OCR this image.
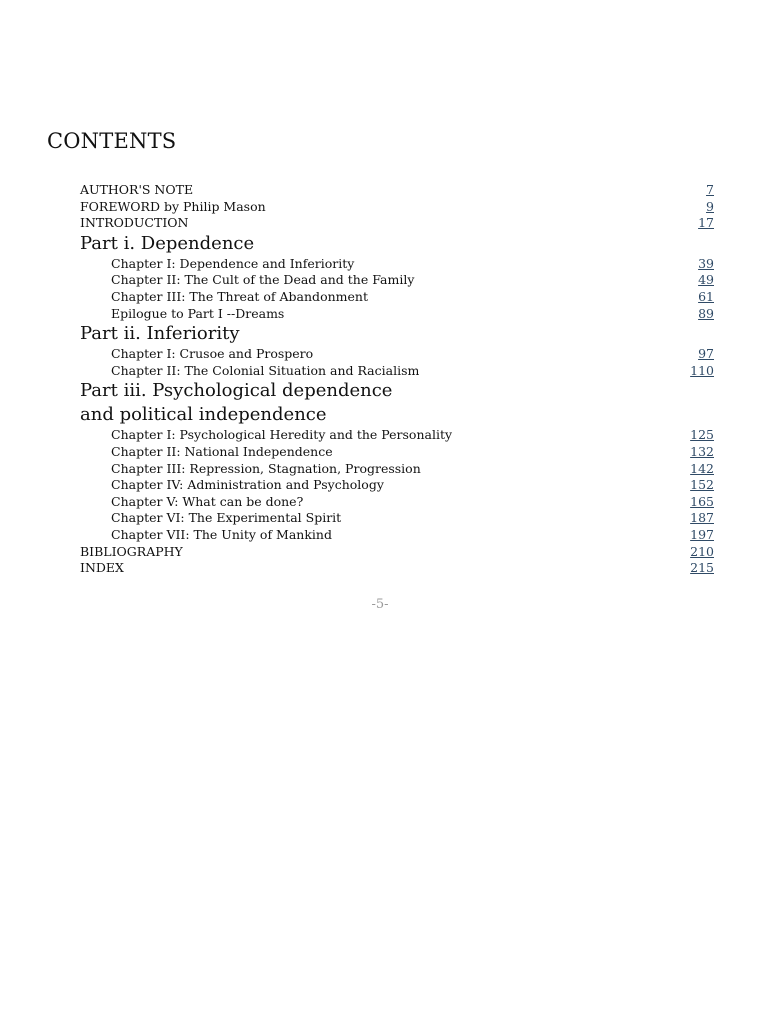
CONTENTS
AUTHOR'S NOTE	7
FOREWORD by Philip Mason	9
INTRODUCTION	17
Part i. Dependence
Chapter I: Dependence and Inferiority	39
Chapter II: The Cult of the Dead and the Family	49
Chapter III: The Threat of Abandonment	61
Epilogue to Part I --Dreams	89
Part ii. Inferiority
Chapter I: Crusoe and Prospero	97
Chapter II: The Colonial Situation and Racialism	110
Part iii. Psychological dependence
and political independence
Chapter I: Psychological Heredity and the Personality	125
Chapter II: National Independence	132
Chapter III: Repression, Stagnation, Progression	142
Chapter IV: Administration and Psychology	152
Chapter V: What can be done?	165
Chapter VI: The Experimental Spirit	187
Chapter VII: The Unity of Mankind	197
BIBLIOGRAPHY	210
INDEX	215
-5-
